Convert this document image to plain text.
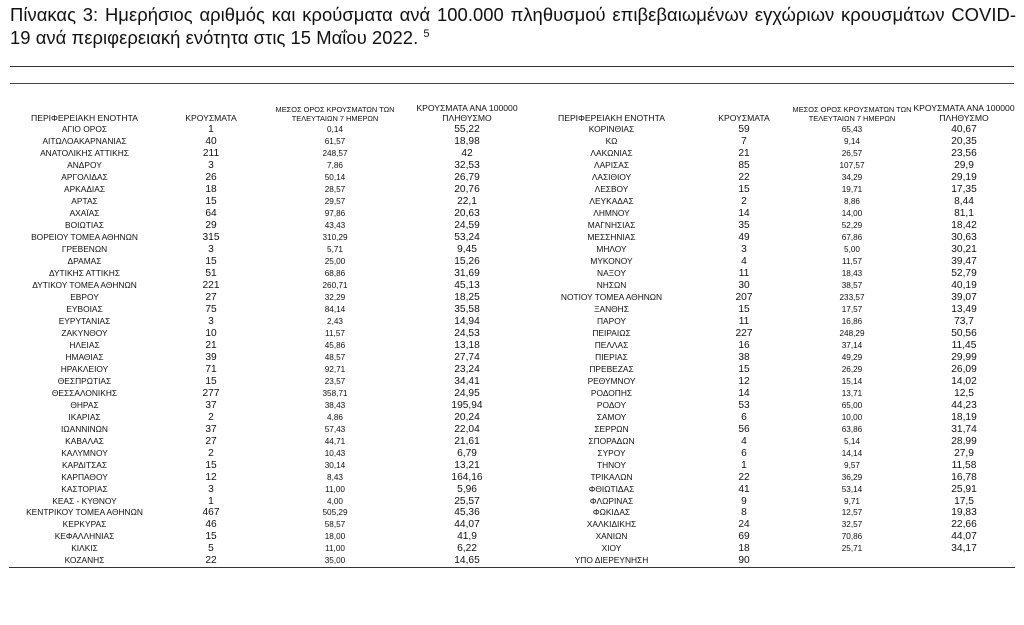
Πίνακας 3: Ημερήσιος αριθμός και κρούσματα ανά 100.000 πληθυσμού επιβεβαιωμένων εγχώριων κρουσμάτων COVID-19 ανά περιφερειακή ενότητα στις 15 Μαΐου 2022. $^5$
ΠΕΡΙΦΕΡΕΙΑΚΗ ΕΝΟΤΗΤΑ	ΚΡΟΥΣΜΑΤΑ	ΜΕΣΟΣ ΟΡΟΣ ΚΡΟΥΣΜΑΤΩΝ ΤΩΝ ΤΕΛΕΥΤΑΙΩΝ 7 ΗΜΕΡΩΝ	ΚΡΟΥΣΜΑΤΑ ΑΝΑ 100000 ΠΛΗΘΥΣΜΟ	ΠΕΡΙΦΕΡΕΙΑΚΗ ΕΝΟΤΗΤΑ	ΚΡΟΥΣΜΑΤΑ	ΜΕΣΟΣ ΟΡΟΣ ΚΡΟΥΣΜΑΤΩΝ ΤΩΝ ΤΕΛΕΥΤΑΙΩΝ 7 ΗΜΕΡΩΝ	ΚΡΟΥΣΜΑΤΑ ΑΝΑ 100000 ΠΛΗΘΥΣΜΟ
ΑΓΙΟ ΟΡΟΣ	1	0,14	55,22	ΚΟΡΙΝΘΙΑΣ	59	65,43	40,67
ΑΙΤΩΛΟΑΚΑΡΝΑΝΙΑΣ	40	61,57	18,98	ΚΩ	7	9,14	20,35
ΑΝΑΤΟΛΙΚΗΣ ΑΤΤΙΚΗΣ	211	248,57	42	ΛΑΚΩΝΙΑΣ	21	26,57	23,56
ΑΝΔΡΟΥ	3	7,86	32,53	ΛΑΡΙΣΑΣ	85	107,57	29,9
ΑΡΓΟΛΙΔΑΣ	26	50,14	26,79	ΛΑΣΙΘΙΟΥ	22	34,29	29,19
ΑΡΚΑΔΙΑΣ	18	28,57	20,76	ΛΕΣΒΟΥ	15	19,71	17,35
ΑΡΤΑΣ	15	29,57	22,1	ΛΕΥΚΑΔΑΣ	2	8,86	8,44
ΑΧΑΪΑΣ	64	97,86	20,63	ΛΗΜΝΟΥ	14	14,00	81,1
ΒΟΙΩΤΙΑΣ	29	43,43	24,59	ΜΑΓΝΗΣΙΑΣ	35	52,29	18,42
ΒΟΡΕΙΟΥ ΤΟΜΕΑ ΑΘΗΝΩΝ	315	310,29	53,24	ΜΕΣΣΗΝΙΑΣ	49	67,86	30,63
ΓΡΕΒΕΝΩΝ	3	5,71	9,45	ΜΗΛΟΥ	3	5,00	30,21
ΔΡΑΜΑΣ	15	25,00	15,26	ΜΥΚΟΝΟΥ	4	11,57	39,47
ΔΥΤΙΚΗΣ ΑΤΤΙΚΗΣ	51	68,86	31,69	ΝΑΞΟΥ	11	18,43	52,79
ΔΥΤΙΚΟΥ ΤΟΜΕΑ ΑΘΗΝΩΝ	221	260,71	45,13	ΝΗΣΩΝ	30	38,57	40,19
ΕΒΡΟΥ	27	32,29	18,25	ΝΟΤΙΟΥ ΤΟΜΕΑ ΑΘΗΝΩΝ	207	233,57	39,07
ΕΥΒΟΙΑΣ	75	84,14	35,58	ΞΑΝΘΗΣ	15	17,57	13,49
ΕΥΡΥΤΑΝΙΑΣ	3	2,43	14,94	ΠΑΡΟΥ	11	16,86	73,7
ΖΑΚΥΝΘΟΥ	10	11,57	24,53	ΠΕΙΡΑΙΩΣ	227	248,29	50,56
ΗΛΕΙΑΣ	21	45,86	13,18	ΠΕΛΛΑΣ	16	37,14	11,45
ΗΜΑΘΙΑΣ	39	48,57	27,74	ΠΙΕΡΙΑΣ	38	49,29	29,99
ΗΡΑΚΛΕΙΟΥ	71	92,71	23,24	ΠΡΕΒΕΖΑΣ	15	26,29	26,09
ΘΕΣΠΡΩΤΙΑΣ	15	23,57	34,41	ΡΕΘΥΜΝΟΥ	12	15,14	14,02
ΘΕΣΣΑΛΟΝΙΚΗΣ	277	358,71	24,95	ΡΟΔΟΠΗΣ	14	13,71	12,5
ΘΗΡΑΣ	37	38,43	195,94	ΡΟΔΟΥ	53	65,00	44,23
ΙΚΑΡΙΑΣ	2	4,86	20,24	ΣΑΜΟΥ	6	10,00	18,19
ΙΩΑΝΝΙΝΩΝ	37	57,43	22,04	ΣΕΡΡΩΝ	56	63,86	31,74
ΚΑΒΑΛΑΣ	27	44,71	21,61	ΣΠΟΡΑΔΩΝ	4	5,14	28,99
ΚΑΛΥΜΝΟΥ	2	10,43	6,79	ΣΥΡΟΥ	6	14,14	27,9
ΚΑΡΔΙΤΣΑΣ	15	30,14	13,21	ΤΗΝΟΥ	1	9,57	11,58
ΚΑΡΠΑΘΟΥ	12	8,43	164,16	ΤΡΙΚΑΛΩΝ	22	36,29	16,78
ΚΑΣΤΟΡΙΑΣ	3	11,00	5,96	ΦΘΙΩΤΙΔΑΣ	41	53,14	25,91
ΚΕΑΣ - ΚΥΘΝΟΥ	1	4,00	25,57	ΦΛΩΡΙΝΑΣ	9	9,71	17,5
ΚΕΝΤΡΙΚΟΥ ΤΟΜΕΑ ΑΘΗΝΩΝ	467	505,29	45,36	ΦΩΚΙΔΑΣ	8	12,57	19,83
ΚΕΡΚΥΡΑΣ	46	58,57	44,07	ΧΑΛΚΙΔΙΚΗΣ	24	32,57	22,66
ΚΕΦΑΛΛΗΝΙΑΣ	15	18,00	41,9	ΧΑΝΙΩΝ	69	70,86	44,07
ΚΙΛΚΙΣ	5	11,00	6,22	ΧΙΟΥ	18	25,71	34,17
ΚΟΖΑΝΗΣ	22	35,00	14,65	ΥΠΟ ΔΙΕΡΕΥΝΗΣΗ	90		
